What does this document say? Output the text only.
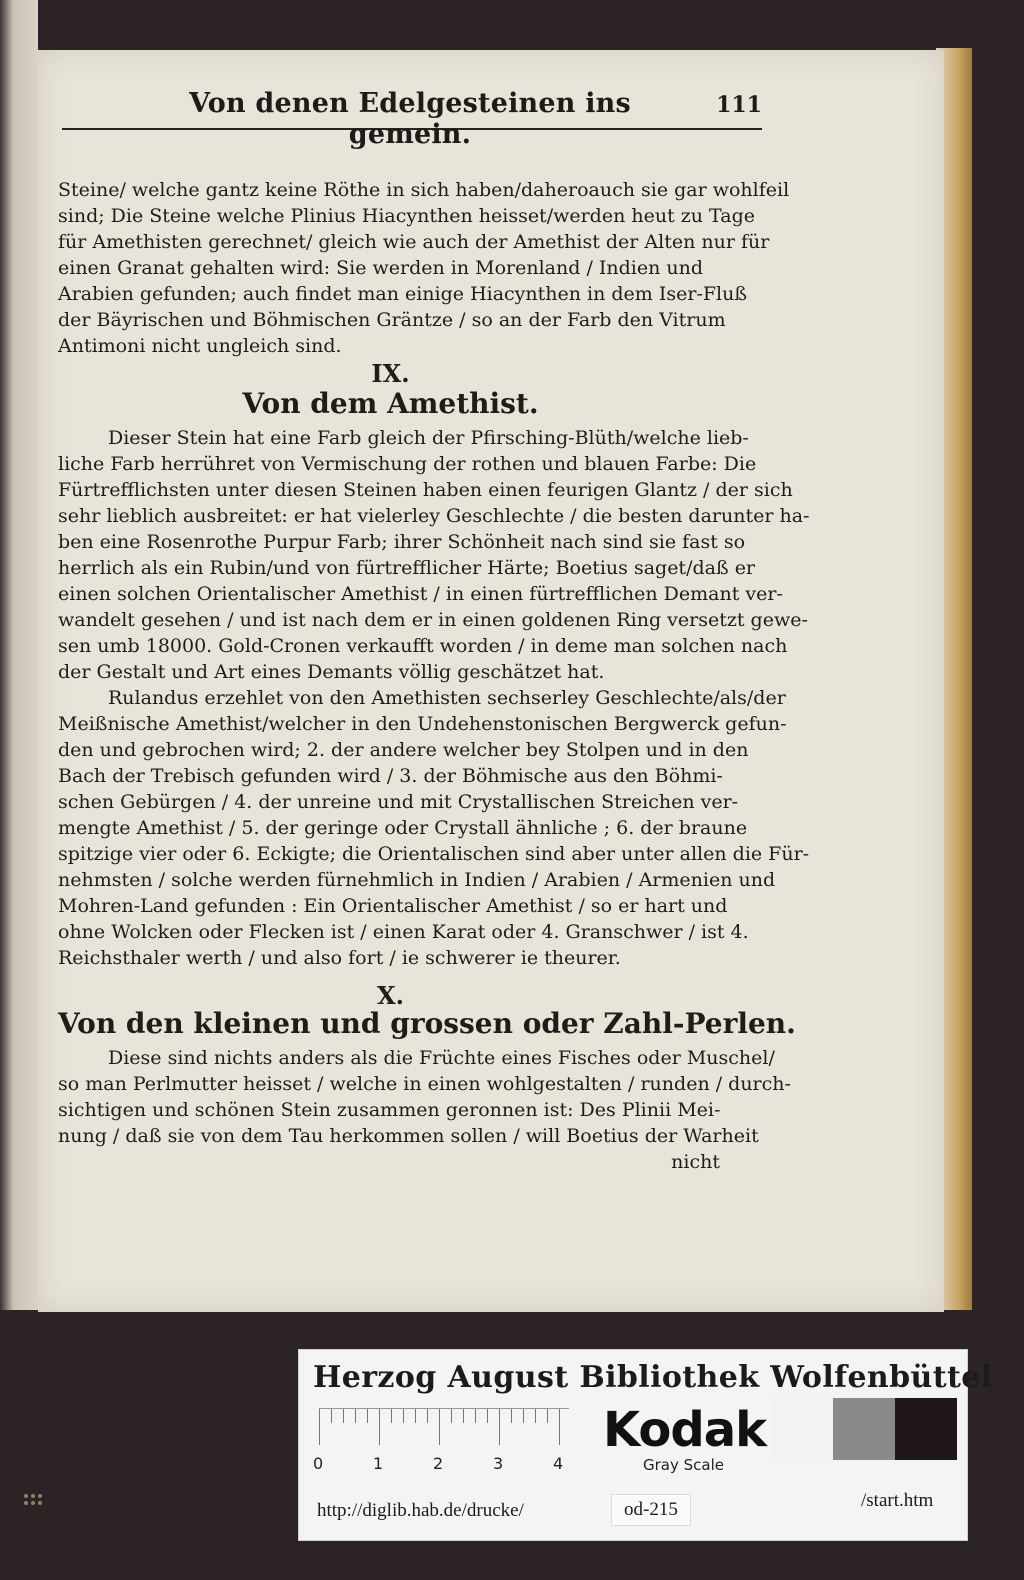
Von denen Edelgesteinen ins gemein.
111
Steine/ welche gantz keine Röthe in sich haben/daheroauch sie gar wohlfeil
sind; Die Steine welche Plinius Hiacynthen heisset/werden heut zu Tage
für Amethisten gerechnet/ gleich wie auch der Amethist der Alten nur für
einen Granat gehalten wird: Sie werden in Morenland / Indien und
Arabien gefunden; auch findet man einige Hiacynthen in dem Iser-Fluß
der Bäyrischen und Böhmischen Gräntze / so an der Farb den Vitrum
Antimoni nicht ungleich sind.
IX.
Von dem Amethist.
Dieser Stein hat eine Farb gleich der Pfirsching-Blüth/welche lieb-
liche Farb herrühret von Vermischung der rothen und blauen Farbe: Die
Fürtrefflichsten unter diesen Steinen haben einen feurigen Glantz / der sich
sehr lieblich ausbreitet: er hat vielerley Geschlechte / die besten darunter ha-
ben eine Rosenrothe Purpur Farb; ihrer Schönheit nach sind sie fast so
herrlich als ein Rubin/und von fürtrefflicher Härte; Boetius saget/daß er
einen solchen Orientalischer Amethist / in einen fürtrefflichen Demant ver-
wandelt gesehen / und ist nach dem er in einen goldenen Ring versetzt gewe-
sen umb 18000. Gold-Cronen verkaufft worden / in deme man solchen nach
der Gestalt und Art eines Demants völlig geschätzet hat.
Rulandus erzehlet von den Amethisten sechserley Geschlechte/als/der
Meißnische Amethist/welcher in den Undehenstonischen Bergwerck gefun-
den und gebrochen wird; 2. der andere welcher bey Stolpen und in den
Bach der Trebisch gefunden wird / 3. der Böhmische aus den Böhmi-
schen Gebürgen / 4. der unreine und mit Crystallischen Streichen ver-
mengte Amethist / 5. der geringe oder Crystall ähnliche ; 6. der braune
spitzige vier oder 6. Eckigte; die Orientalischen sind aber unter allen die Für-
nehmsten / solche werden fürnehmlich in Indien / Arabien / Armenien und
Mohren-Land gefunden : Ein Orientalischer Amethist / so er hart und
ohne Wolcken oder Flecken ist / einen Karat oder 4. Granschwer / ist 4.
Reichsthaler werth / und also fort / ie schwerer ie theurer.
X.
Von den kleinen und grossen oder Zahl-Perlen.
Diese sind nichts anders als die Früchte eines Fisches oder Muschel/
so man Perlmutter heisset / welche in einen wohlgestalten / runden / durch-
sichtigen und schönen Stein zusammen geronnen ist: Des Plinii Mei-
nung / daß sie von dem Tau herkommen sollen / will Boetius der Warheit
nicht
Herzog August Bibliothek Wolfenbüttel
0	1	2	3	4
Kodak
Gray Scale
http://diglib.hab.de/drucke/	od-215	/start.htm
